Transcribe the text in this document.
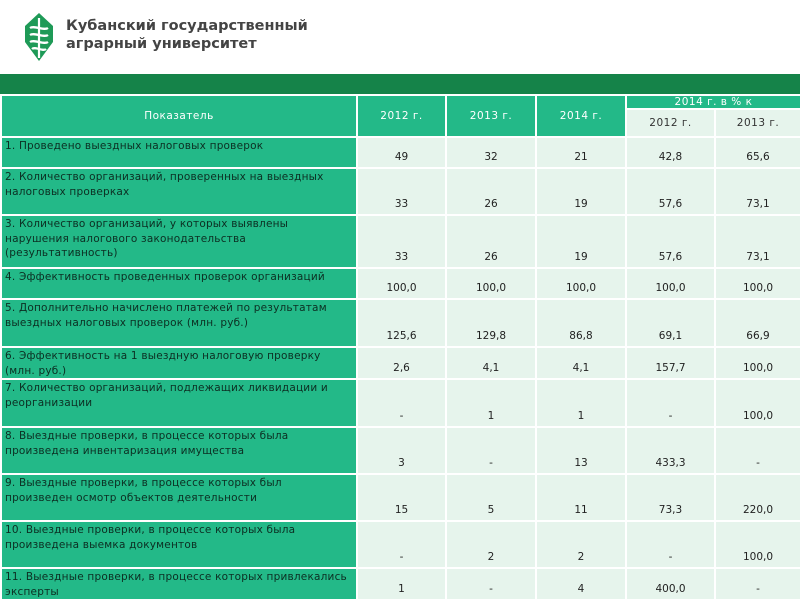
Кубанский государственный
аграрный университет
Показатель	2012 г.	2013 г.	2014 г.	2014 г. в % к	
				2012 г.	2013 г.
1. Проведено выездных налоговых проверок	49	32	21	42,8	65,6
2. Количество организаций, проверенных на выездных налоговых проверках	33	26	19	57,6	73,1
3. Количество организаций, у которых выявлены нарушения налогового законодательства (результативность)	33	26	19	57,6	73,1
4. Эффективность проведенных проверок организаций	100,0	100,0	100,0	100,0	100,0
5. Дополнительно начислено платежей по результатам выездных налоговых проверок (млн. руб.)	125,6	129,8	86,8	69,1	66,9
6. Эффективность на 1 выездную налоговую проверку (млн. руб.)	2,6	4,1	4,1	157,7	100,0
7. Количество организаций, подлежащих ликвидации и реорганизации	-	1	1	-	100,0
8. Выездные проверки, в процессе которых была произведена инвентаризация имущества	3	-	13	433,3	-
9. Выездные проверки, в процессе которых был произведен осмотр объектов деятельности	15	5	11	73,3	220,0
10. Выездные проверки, в процессе которых была произведена выемка документов	-	2	2	-	100,0
11. Выездные проверки, в процессе которых привлекались эксперты	1	-	4	400,0	-
